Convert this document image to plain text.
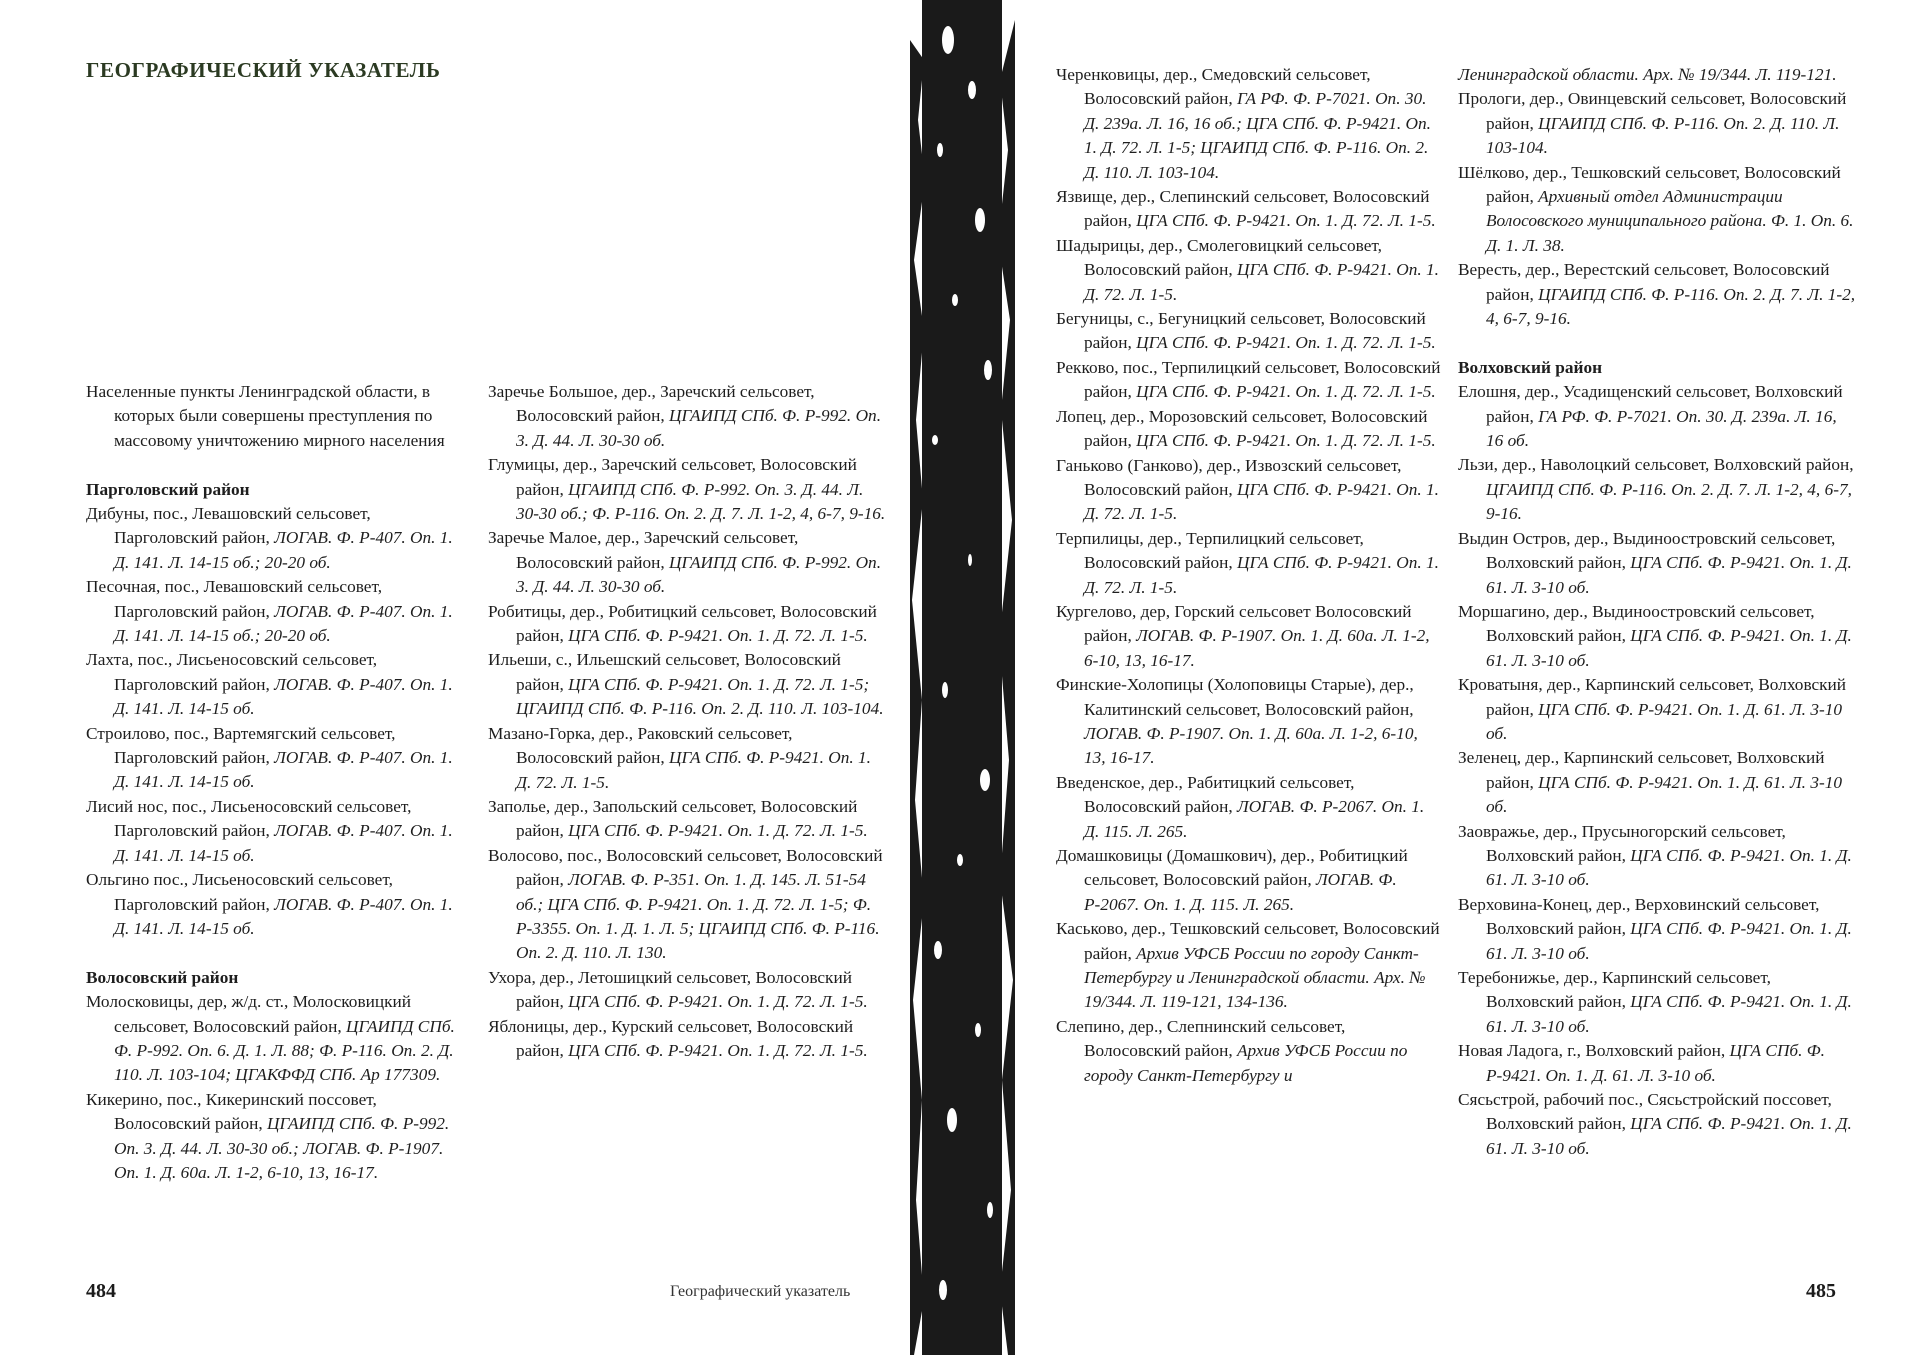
ГЕОГРАФИЧЕСКИЙ УКАЗАТЕЛЬ
Населенные пункты Ленинградской области, в которых были совершены преступления по массовому уничтожению мирного населения
Парголовский район
Дибуны, пос., Левашовский сельсовет, Парголовский район, ЛОГАВ. Ф. Р-407. Оп. 1. Д. 141. Л. 14-15 об.; 20-20 об.
Песочная, пос., Левашовский сельсовет, Парголовский район, ЛОГАВ. Ф. Р-407. Оп. 1. Д. 141. Л. 14-15 об.; 20-20 об.
Лахта, пос., Лисьеносовский сельсовет, Парголовский район, ЛОГАВ. Ф. Р-407. Оп. 1. Д. 141. Л. 14-15 об.
Строилово, пос., Вартемягский сельсовет, Парголовский район, ЛОГАВ. Ф. Р-407. Оп. 1. Д. 141. Л. 14-15 об.
Лисий нос, пос., Лисьеносовский сельсовет, Парголовский район, ЛОГАВ. Ф. Р-407. Оп. 1. Д. 141. Л. 14-15 об.
Ольгино пос., Лисьеносовский сельсовет, Парголовский район, ЛОГАВ. Ф. Р-407. Оп. 1. Д. 141. Л. 14-15 об.
Волосовский район
Молосковицы, дер, ж/д. ст., Молосковицкий сельсовет, Волосовский район, ЦГАИПД СПб. Ф. Р-992. Оп. 6. Д. 1. Л. 88; Ф. Р-116. Оп. 2. Д. 110. Л. 103-104; ЦГАКФФД СПб. Ар 177309.
Кикерино, пос., Кикеринский поссовет, Волосовский район, ЦГАИПД СПб. Ф. Р-992. Оп. 3. Д. 44. Л. 30-30 об.; ЛОГАВ. Ф. Р-1907. Оп. 1. Д. 60а. Л. 1-2, 6-10, 13, 16-17.
Заречье Большое, дер., Заречский сельсовет, Волосовский район, ЦГАИПД СПб. Ф. Р-992. Оп. 3. Д. 44. Л. 30-30 об.
Глумицы, дер., Заречский сельсовет, Волосовский район, ЦГАИПД СПб. Ф. Р-992. Оп. 3. Д. 44. Л. 30-30 об.; Ф. Р-116. Оп. 2. Д. 7. Л. 1-2, 4, 6-7, 9-16.
Заречье Малое, дер., Заречский сельсовет, Волосовский район, ЦГАИПД СПб. Ф. Р-992. Оп. 3. Д. 44. Л. 30-30 об.
Робитицы, дер., Робитицкий сельсовет, Волосовский район, ЦГА СПб. Ф. Р-9421. Оп. 1. Д. 72. Л. 1-5.
Ильеши, с., Ильешский сельсовет, Волосовский район, ЦГА СПб. Ф. Р-9421. Оп. 1. Д. 72. Л. 1-5; ЦГАИПД СПб. Ф. Р-116. Оп. 2. Д. 110. Л. 103-104.
Мазано-Горка, дер., Раковский сельсовет, Волосовский район, ЦГА СПб. Ф. Р-9421. Оп. 1. Д. 72. Л. 1-5.
Заполье, дер., Запольский сельсовет, Волосовский район, ЦГА СПб. Ф. Р-9421. Оп. 1. Д. 72. Л. 1-5.
Волосово, пос., Волосовский сельсовет, Волосовский район, ЛОГАВ. Ф. Р-351. Оп. 1. Д. 145. Л. 51-54 об.; ЦГА СПб. Ф. Р-9421. Оп. 1. Д. 72. Л. 1-5; Ф. Р-3355. Оп. 1. Д. 1. Л. 5; ЦГАИПД СПб. Ф. Р-116. Оп. 2. Д. 110. Л. 130.
Ухора, дер., Летошицкий сельсовет, Волосовский район, ЦГА СПб. Ф. Р-9421. Оп. 1. Д. 72. Л. 1-5.
Яблоницы, дер., Курский сельсовет, Волосовский район, ЦГА СПб. Ф. Р-9421. Оп. 1. Д. 72. Л. 1-5.
Черенковицы, дер., Смедовский сельсовет, Волосовский район, ГА РФ. Ф. Р-7021. Оп. 30. Д. 239а. Л. 16, 16 об.; ЦГА СПб. Ф. Р-9421. Оп. 1. Д. 72. Л. 1-5; ЦГАИПД СПб. Ф. Р-116. Оп. 2. Д. 110. Л. 103-104.
Язвище, дер., Слепинский сельсовет, Волосовский район, ЦГА СПб. Ф. Р-9421. Оп. 1. Д. 72. Л. 1-5.
Шадырицы, дер., Смолеговицкий сельсовет, Волосовский район, ЦГА СПб. Ф. Р-9421. Оп. 1. Д. 72. Л. 1-5.
Бегуницы, с., Бегуницкий сельсовет, Волосовский район, ЦГА СПб. Ф. Р-9421. Оп. 1. Д. 72. Л. 1-5.
Рекково, пос., Терпилицкий сельсовет, Волосовский район, ЦГА СПб. Ф. Р-9421. Оп. 1. Д. 72. Л. 1-5.
Лопец, дер., Морозовский сельсовет, Волосовский район, ЦГА СПб. Ф. Р-9421. Оп. 1. Д. 72. Л. 1-5.
Ганьково (Ганково), дер., Извозский сельсовет, Волосовский район, ЦГА СПб. Ф. Р-9421. Оп. 1. Д. 72. Л. 1-5.
Терпилицы, дер., Терпилицкий сельсовет, Волосовский район, ЦГА СПб. Ф. Р-9421. Оп. 1. Д. 72. Л. 1-5.
Кургелово, дер, Горский сельсовет Волосовский район, ЛОГАВ. Ф. Р-1907. Оп. 1. Д. 60а. Л. 1-2, 6-10, 13, 16-17.
Финские-Холопицы (Холоповицы Старые), дер., Калитинский сельсовет, Волосовский район, ЛОГАВ. Ф. Р-1907. Оп. 1. Д. 60а. Л. 1-2, 6-10, 13, 16-17.
Введенское, дер., Рабитицкий сельсовет, Волосовский район, ЛОГАВ. Ф. Р-2067. Оп. 1. Д. 115. Л. 265.
Домашковицы (Домашкович), дер., Робитицкий сельсовет, Волосовский район, ЛОГАВ. Ф. Р-2067. Оп. 1. Д. 115. Л. 265.
Каськово, дер., Тешковский сельсовет, Волосовский район, Архив УФСБ России по городу Санкт-Петербургу и Ленинградской области. Арх. № 19/344. Л. 119-121, 134-136.
Слепино, дер., Слепнинский сельсовет, Волосовский район, Архив УФСБ России по городу Санкт-Петербургу и
Ленинградской области. Арх. № 19/344. Л. 119-121.
Прологи, дер., Овинцевский сельсовет, Волосовский район, ЦГАИПД СПб. Ф. Р-116. Оп. 2. Д. 110. Л. 103-104.
Шёлково, дер., Тешковский сельсовет, Волосовский район, Архивный отдел Администрации Волосовского муниципального района. Ф. 1. Оп. 6. Д. 1. Л. 38.
Вересть, дер., Верестский сельсовет, Волосовский район, ЦГАИПД СПб. Ф. Р-116. Оп. 2. Д. 7. Л. 1-2, 4, 6-7, 9-16.
Волховский район
Елошня, дер., Усадищенский сельсовет, Волховский район, ГА РФ. Ф. Р-7021. Оп. 30. Д. 239а. Л. 16, 16 об.
Льзи, дер., Наволоцкий сельсовет, Волховский район, ЦГАИПД СПб. Ф. Р-116. Оп. 2. Д. 7. Л. 1-2, 4, 6-7, 9-16.
Выдин Остров, дер., Выдиноостровский сельсовет, Волховский район, ЦГА СПб. Ф. Р-9421. Оп. 1. Д. 61. Л. 3-10 об.
Моршагино, дер., Выдиноостровский сельсовет, Волховский район, ЦГА СПб. Ф. Р-9421. Оп. 1. Д. 61. Л. 3-10 об.
Кроватыня, дер., Карпинский сельсовет, Волховский район, ЦГА СПб. Ф. Р-9421. Оп. 1. Д. 61. Л. 3-10 об.
Зеленец, дер., Карпинский сельсовет, Волховский район, ЦГА СПб. Ф. Р-9421. Оп. 1. Д. 61. Л. 3-10 об.
Заовражье, дер., Прусыногорский сельсовет, Волховский район, ЦГА СПб. Ф. Р-9421. Оп. 1. Д. 61. Л. 3-10 об.
Верховина-Конец, дер., Верховинский сельсовет, Волховский район, ЦГА СПб. Ф. Р-9421. Оп. 1. Д. 61. Л. 3-10 об.
Теребонижье, дер., Карпинский сельсовет, Волховский район, ЦГА СПб. Ф. Р-9421. Оп. 1. Д. 61. Л. 3-10 об.
Новая Ладога, г., Волховский район, ЦГА СПб. Ф. Р-9421. Оп. 1. Д. 61. Л. 3-10 об.
Сясьстрой, рабочий пос., Сясьстройский поссовет, Волховский район, ЦГА СПб. Ф. Р-9421. Оп. 1. Д. 61. Л. 3-10 об.
484	Географический указатель	485
